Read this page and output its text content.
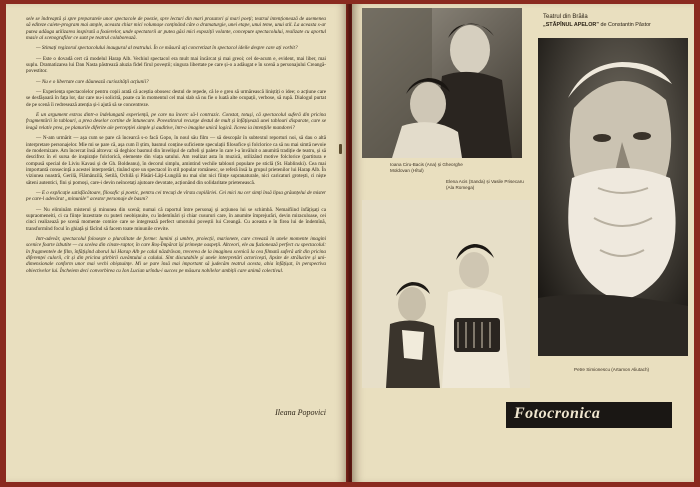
sele se îndreaptă și spre preparatele unor spectacole de poezie, spre lecturi din mari prozatori și mari poeți; teatrul intenționează de asemenea să editeze caiete-program mai ample, aceasta chiar mici volumașe conținând câte o dramaturgie, unei etape, unui teme, unui stil. La aceasta s-ar putea adăuga utilizarea inspirată a foaierelor, unde spectatorii ar putea găsi mici expoziții volante, concepute spectacolului, realizate cu aportul masiv al scenografilor ce sunt pe teatrul colaborează.

— Stimați regizorul spectacolului inaugural al teatrului. În ce măsură ați concretizat în spectacol ideile despre care ați vorbit?

— Este o dovadă cert că modelul Harap Alb. Vechiul spectacol era mult mai încărcat și mai greoi; cel de-acum e, evident, mai liber, mai suplu. Dramatizarea lui Dan Nasta păstrează aluzia fidel firul poveștii; singura libertate pe care și-o a adăugat e în scenă a personajului Creangă-povestitor.

— Nu e o libertate care dăunează curiozității acțiunii?

— Experiența spectacolelor pentru copii arată că aceștia obosesc destul de repede, că le e greu să urmărească liniștiți o idee; o acțiune care se desfășoară în fața lor, dar care nu-i solicită, poate ca în momentul cel mai slab să nu fie o luată alte ocupații, verbose, să rupă. Dialogul purtat de pe scenă îi redresează atenția și-i ajută să se concentreze.

E un argument extras dintr-o îndelungată experiență, pe care nu încerc să-l contrazic. Constat, totuși, că spectacolul suferă din pricina fragmentării în tablouri, a prea deselor cortine de întunecare. Povestitorul recurge destul de mult și înfățișează unei tablouri disparate, care se leagă relativ prea, pe planurile diferite ale percepției simple și auditive, într-o imagine unică logică. Iiceea ia intențiile mandorei?

— N-am urmărit — așa cum se pare că încearcă s-o facă Gopo, în noul său film — să descopăr în subtextul reporturi noi, să dau o altă interpretare personajelor. Mie mi se pare că, așa cum îl știm, basmul conține suficiente speculații filosofice și folclorice ca să nu mai simtă nevoie de modernizare. Am încercat însă altceva: să deghioc basmul din învelișul de cafteli și palete în care l-a învăluit o anumită tradiție de teatru, și să descifrez în el sursa de inspirație folclorică, elemente din viața satului. Am realizat asta în muzică, utilizând motive folclorice (partitura e compusă special de Liviu Kavasi și de Gh. Boldeanu), în decorul simplu, amintind vechile tablouri populare pe sticlă (St. Hablinski). Cea mai importantă consecință a acestei interpretări, tinând spre un spectacol în stil popular românesc, se referă însă la grupul prietenilor lui Harap Alb. În viziunea noastră, Gerilă, Flămânzilă, Setilă, Ochilă și Păsări-Lăți-Lungilă nu mai sînt nici ființe supranaturale, nici caricaturi grotești, ci niște săteni autentici, fini și pomoși, care-i devin neîncetați ajutoare devotate, acționând din solidaritate prietenească.

— E o explicație satisfăcătoare, filosofic și poetic, pentru cei trecuți de vîrsta copilăriei. Cei mici nu cer simți însă lipsa grăunțelui de mister pe care-l adevărat „minunile” acestor personaje de basm?

— Nu eliminăm misterul și minunea din scenă; numai că raportul între personaj și acțiunea lui se schimbă. Nemaifiind înfățișați ca supraomeneiti, ci ca ființe înzestrate cu puteri neobișnuite, cu îndemînări și chiar cusururi care, în anumite împrejurări, devin miraculoase, cei cinci realizează pe scenă momente comice care se integrează perfect umorului poveștii lui Creangă. Cu aceasta e în firea lui de îndemînă, transformînd focul în ghiață și făcînd să facem toate minunile crevite.

Intr-adevăr, spectacolul folosește o pluralitate de forme: lumini și umbre, proiecții, marionete, care creează în unele momente imagini scenice foarte izbutite — ca scelea din cinste-raptor, în care Roș-Împărat își primește oaspeții. Altceori, ele au fuzionează perfect cu spectacolul: în fragmentele de film, înfățișînd aborul lui Harap Alb pe calul năzdrăvan, trecerea de la imaginea scenică la cea filmată suferă atît din pricina diferenței culorii, cît și din pricina știrbirii cuvântului a calului. Sînt discutabile și unele interpretări actoricești, lipsite de strălucire și uni-dimensionale conform unor mai vechi obișnuințe. Mi se pare însă mai important să judecăm teatrul acesta, abia înfățișat, în perspectiva obiectivelor lui. Încheiem deci convorbirea cu Ion Lucian urîndu-i succes pe măsura nobilelor ambiții care animă colectivul.

Ileana Popovici
Ioana Ciru-Bacis (Ana) și Gheorghe Moldovan (Hîtul)
Teatrul din Brăila
„STĂPÎNUL APELOR” de Constantin Păstor
Petre Simionescu (Artamon Aliutach)
Elena Acis (Sanda) și Vasile Prisecaru (Ala Romega)
Fotocronica
